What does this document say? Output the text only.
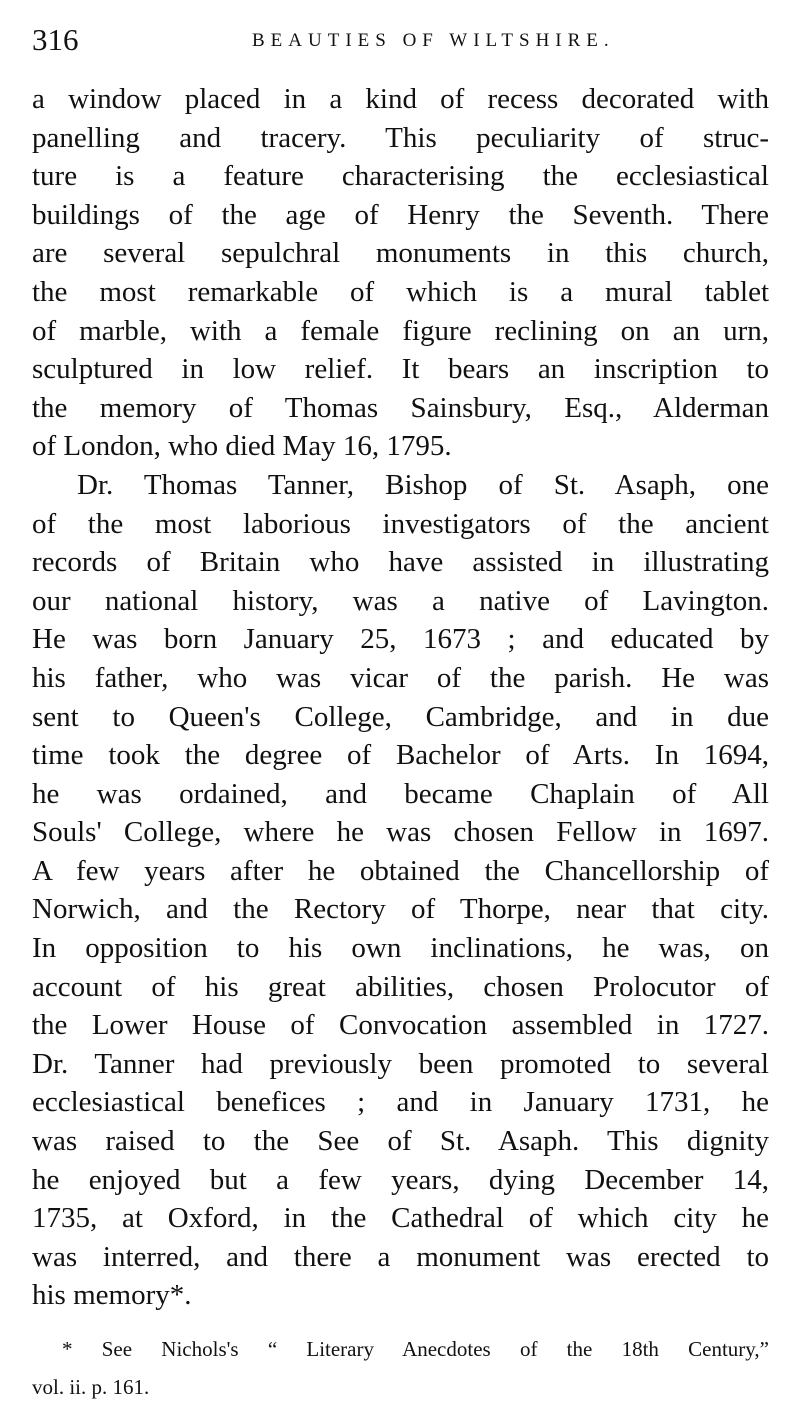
316	BEAUTIES OF WILTSHIRE.

a window placed in a kind of recess decorated with
panelling and tracery. This peculiarity of struc-
ture is a feature characterising the ecclesiastical
buildings of the age of Henry the Seventh. There
are several sepulchral monuments in this church,
the most remarkable of which is a mural tablet
of marble, with a female figure reclining on an urn,
sculptured in low relief. It bears an inscription to
the memory of Thomas Sainsbury, Esq., Alderman
of London, who died May 16, 1795.

Dr. Thomas Tanner, Bishop of St. Asaph, one
of the most laborious investigators of the ancient
records of Britain who have assisted in illustrating
our national history, was a native of Lavington.
He was born January 25, 1673 ; and educated by
his father, who was vicar of the parish. He was
sent to Queen's College, Cambridge, and in due
time took the degree of Bachelor of Arts. In 1694,
he was ordained, and became Chaplain of All
Souls' College, where he was chosen Fellow in 1697.
A few years after he obtained the Chancellorship of
Norwich, and the Rectory of Thorpe, near that city.
In opposition to his own inclinations, he was, on
account of his great abilities, chosen Prolocutor of
the Lower House of Convocation assembled in 1727.
Dr. Tanner had previously been promoted to several
ecclesiastical benefices ; and in January 1731, he
was raised to the See of St. Asaph. This dignity
he enjoyed but a few years, dying December 14,
1735, at Oxford, in the Cathedral of which city he
was interred, and there a monument was erected to
his memory*.

* See Nichols's “ Literary Anecdotes of the 18th Century,”
vol. ii. p. 161.
